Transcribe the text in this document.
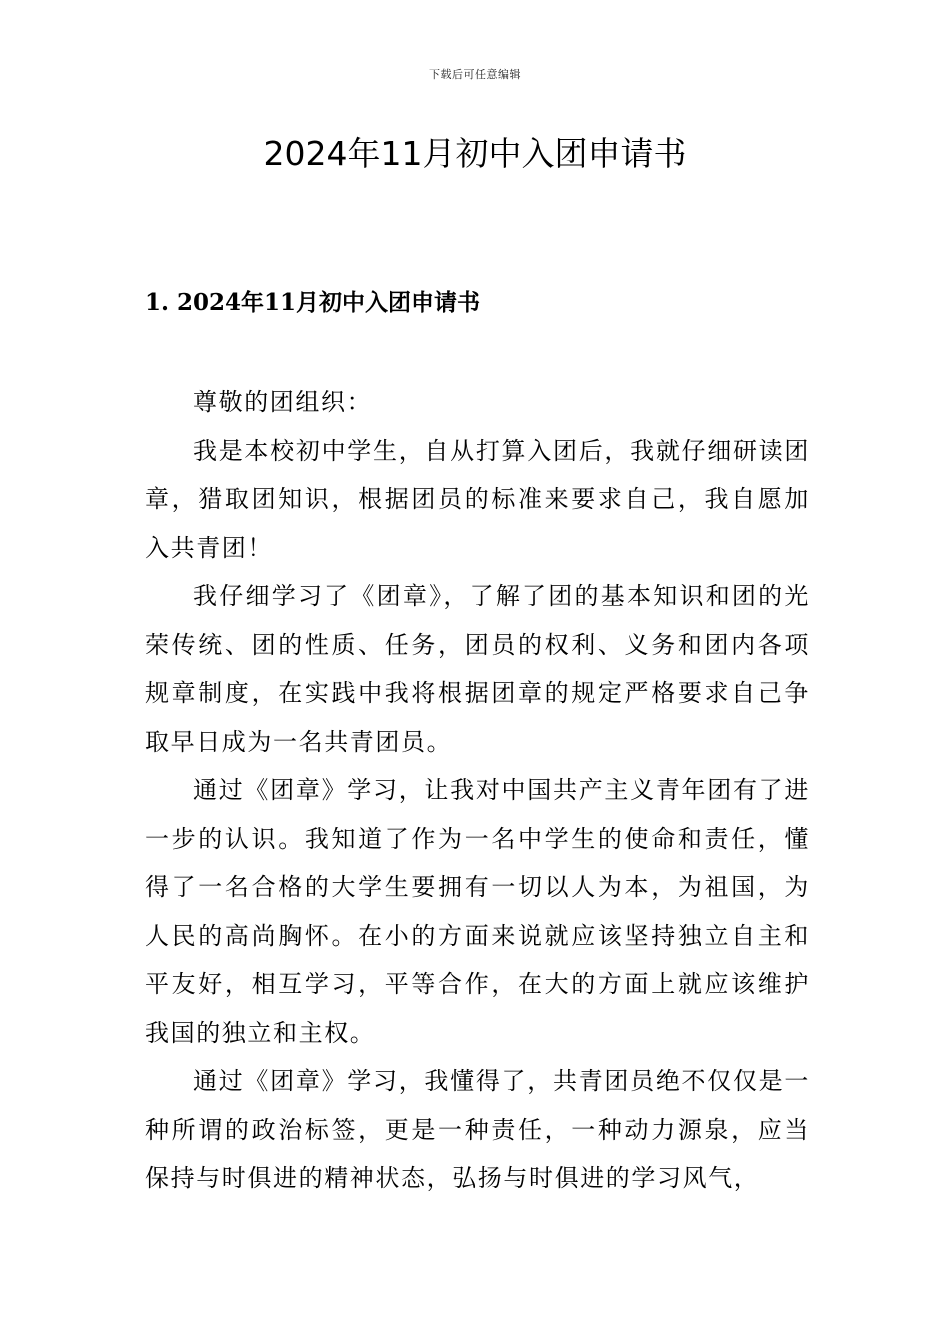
下载后可任意编辑
2024年11月初中入团申请书
1. 2024年11月初中入团申请书

尊敬的团组织：

我是本校初中学生，自从打算入团后，我就仔细研读团章，猎取团知识，根据团员的标准来要求自己，我自愿加入共青团！

我仔细学习了《团章》，了解了团的基本知识和团的光荣传统、团的性质、任务，团员的权利、义务和团内各项规章制度，在实践中我将根据团章的规定严格要求自己争取早日成为一名共青团员。

通过《团章》学习，让我对中国共产主义青年团有了进一步的认识。我知道了作为一名中学生的使命和责任，懂得了一名合格的大学生要拥有一切以人为本，为祖国，为人民的高尚胸怀。在小的方面来说就应该坚持独立自主和平友好，相互学习，平等合作，在大的方面上就应该维护我国的独立和主权。

通过《团章》学习，我懂得了，共青团员绝不仅仅是一种所谓的政治标签，更是一种责任，一种动力源泉，应当保持与时俱进的精神状态，弘扬与时俱进的学习风气，
